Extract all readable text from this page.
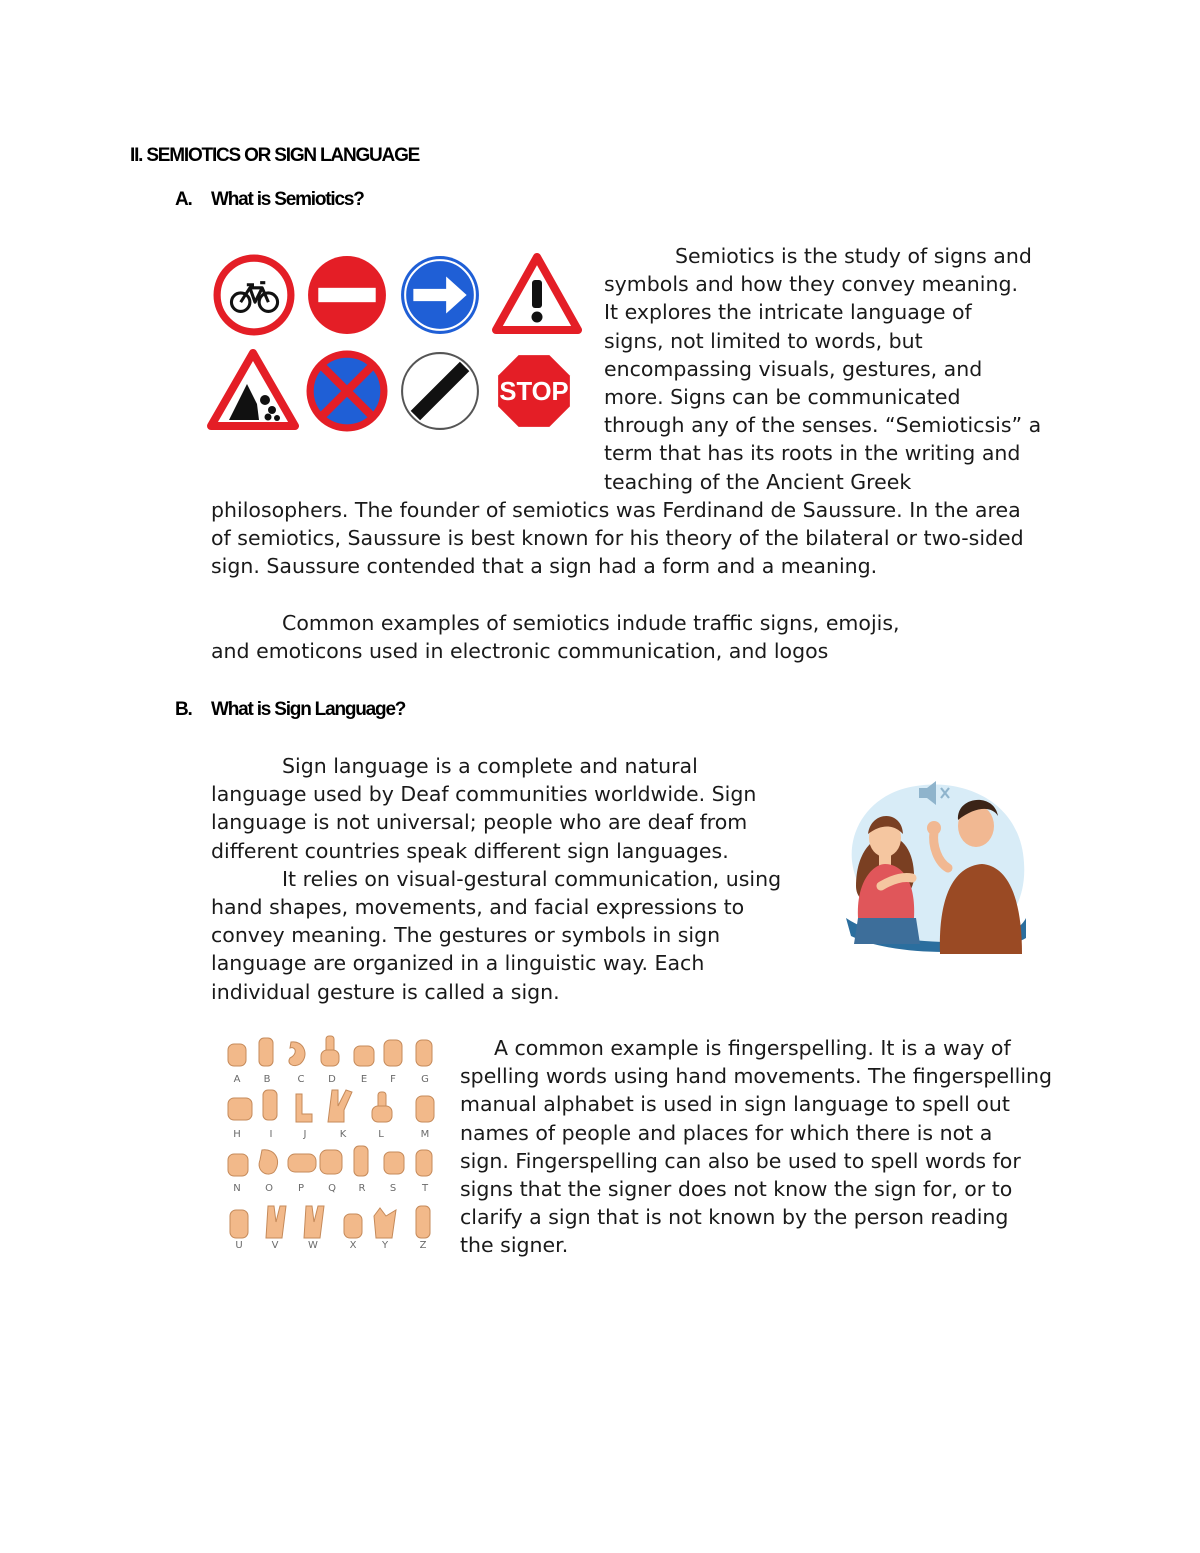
II. SEMIOTICS OR SIGN LANGUAGE
A. What is Semiotics?
STOP
Semiotics is the study of signs and
symbols and how they convey meaning.
It explores the intricate language of
signs, not limited to words, but
encompassing visuals, gestures, and
more. Signs can be communicated
through any of the senses. “Semioticsis” a
term that has its roots in the writing and
teaching of the Ancient Greek
philosophers. The founder of semiotics was Ferdinand de Saussure. In the area
of semiotics, Saussure is best known for his theory of the bilateral or two-sided
sign. Saussure contended that a sign had a form and a meaning.
Common examples of semiotics indude traffic signs, emojis,
and emoticons used in electronic communication, and logos
B. What is Sign Language?
Sign language is a complete and natural
language used by Deaf communities worldwide. Sign
language is not universal; people who are deaf from
different countries speak different sign languages.
It relies on visual-gestural communication, using
hand shapes, movements, and facial expressions to
convey meaning. The gestures or symbols in sign
language are organized in a linguistic way. Each
individual gesture is called a sign.
A	B	C	D	E	F	G
H	I	J	K	L	M
N	O	P	Q	R	S	T
U	V	W	X	Y	Z
A common example is fingerspelling. It is a way of
spelling words using hand movements. The fingerspelling
manual alphabet is used in sign language to spell out
names of people and places for which there is not a
sign. Fingerspelling can also be used to spell words for
signs that the signer does not know the sign for, or to
clarify a sign that is not known by the person reading
the signer.
